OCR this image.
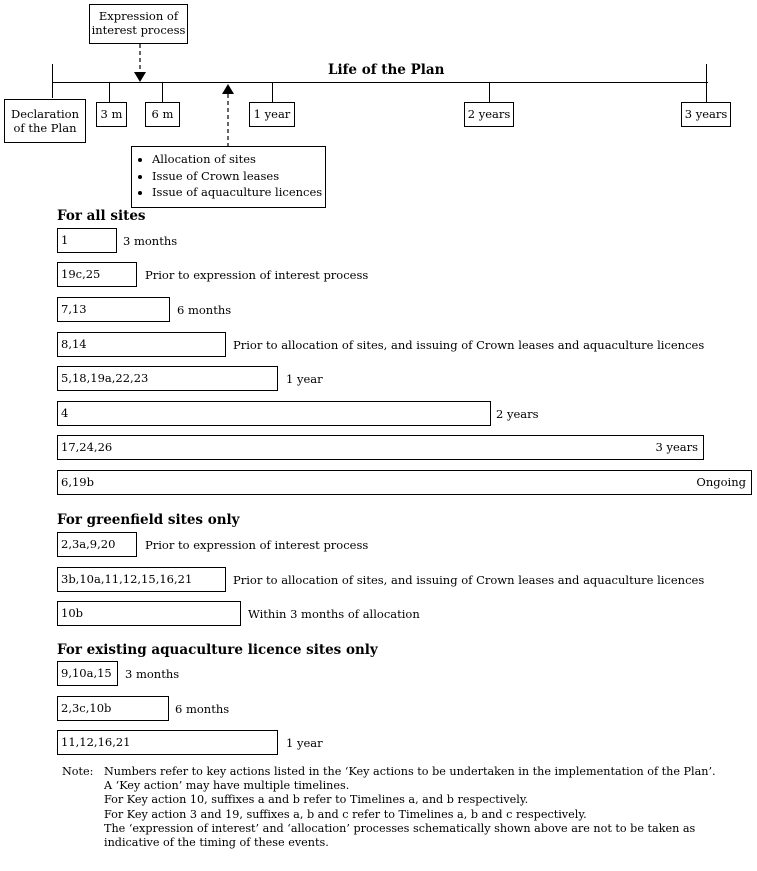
Expression of
interest process
Life of the Plan
Declaration
of the Plan
3 m	6 m	1 year	2 years	3 years
• Allocation of sites
• Issue of Crown leases
• Issue of aquaculture licences
For all sites
1	3 months
19c,25	Prior to expression of interest process
7,13	6 months
8,14	Prior to allocation of sites, and issuing of Crown leases and aquaculture licences
5,18,19a,22,23	1 year
4	2 years
17,24,26	3 years
6,19b	Ongoing
For greenfield sites only
2,3a,9,20	Prior to expression of interest process
3b,10a,11,12,15,16,21	Prior to allocation of sites, and issuing of Crown leases and aquaculture licences
10b	Within 3 months of allocation
For existing aquaculture licence sites only
9,10a,15	3 months
2,3c,10b	6 months
11,12,16,21	1 year
Note: Numbers refer to key actions listed in the ‘Key actions to be undertaken in the implementation of the Plan’.
A ‘Key action’ may have multiple timelines.
For Key action 10, suffixes a and b refer to Timelines a, and b respectively.
For Key action 3 and 19, suffixes a, b and c refer to Timelines a, b and c respectively.
The ‘expression of interest’ and ‘allocation’ processes schematically shown above are not to be taken as indicative of the timing of these events.
